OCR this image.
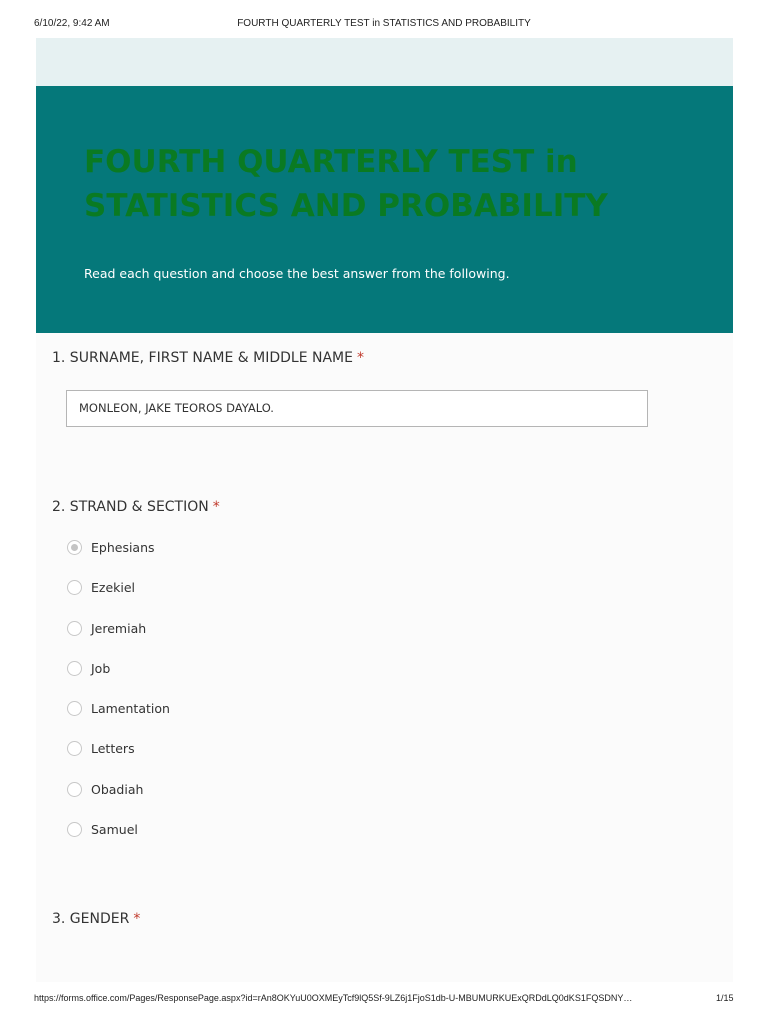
6/10/22, 9:42 AM	FOURTH QUARTERLY TEST in STATISTICS AND PROBABILITY
FOURTH QUARTERLY TEST in STATISTICS AND PROBABILITY
Read each question and choose the best answer from the following.
1. SURNAME, FIRST NAME & MIDDLE NAME *
MONLEON, JAKE TEOROS DAYALO.
2. STRAND & SECTION *
Ephesians
Ezekiel
Jeremiah
Job
Lamentation
Letters
Obadiah
Samuel
3. GENDER *
https://forms.office.com/Pages/ResponsePage.aspx?id=rAn8OKYuU0OXMEyTcf9lQ5Sf-9LZ6j1FjoS1db-U-MBUMURKUExQRDdLQ0dKS1FQSDNY…	1/15
